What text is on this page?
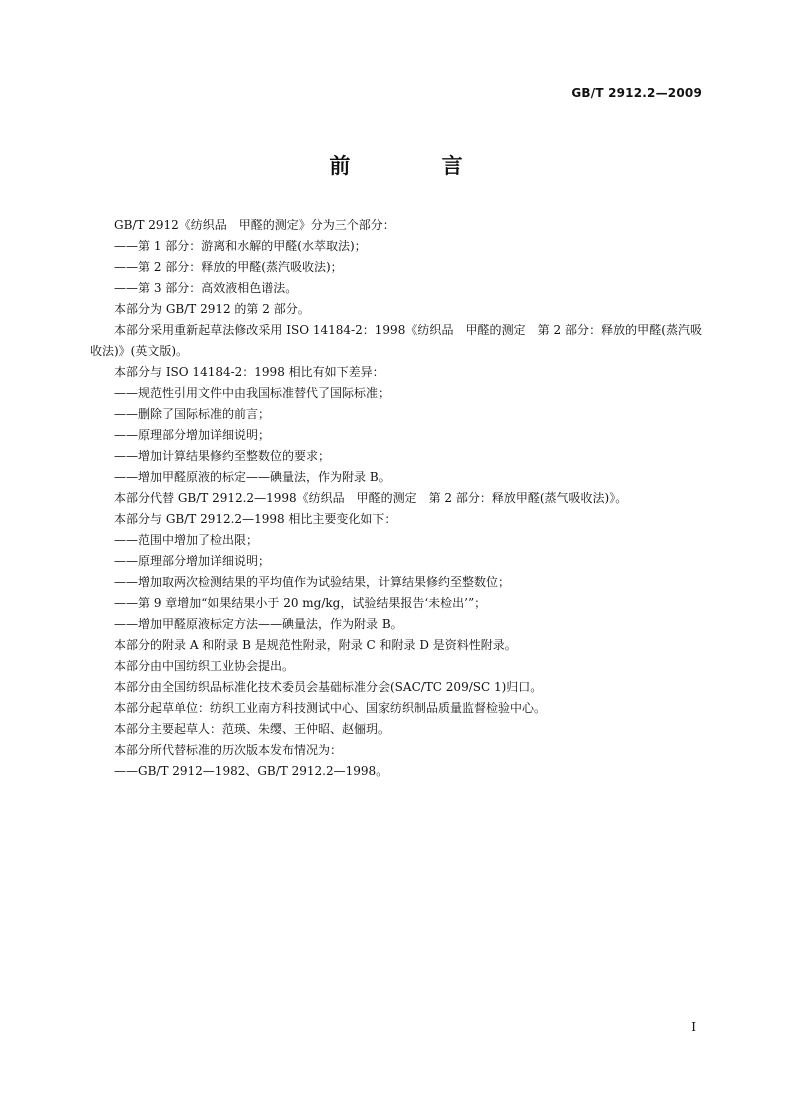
GB/T 2912.2—2009
前 言

GB/T 2912《纺织品　甲醛的测定》分为三个部分：

——第 1 部分：游离和水解的甲醛(水萃取法)；

——第 2 部分：释放的甲醛(蒸汽吸收法)；

——第 3 部分：高效液相色谱法。

本部分为 GB/T 2912 的第 2 部分。

本部分采用重新起草法修改采用 ISO 14184-2：1998《纺织品　甲醛的测定　第 2 部分：释放的甲醛(蒸汽吸收法)》(英文版)。

本部分与 ISO 14184-2：1998 相比有如下差异：

——规范性引用文件中由我国标准替代了国际标准；

——删除了国际标准的前言；

——原理部分增加详细说明；

——增加计算结果修约至整数位的要求；

——增加甲醛原液的标定——碘量法，作为附录 B。

本部分代替 GB/T 2912.2—1998《纺织品　甲醛的测定　第 2 部分：释放甲醛(蒸气吸收法)》。

本部分与 GB/T 2912.2—1998 相比主要变化如下：

——范围中增加了检出限；

——原理部分增加详细说明；

——增加取两次检测结果的平均值作为试验结果，计算结果修约至整数位；

——第 9 章增加“如果结果小于 20 mg/kg，试验结果报告‘未检出’”；

——增加甲醛原液标定方法——碘量法，作为附录 B。

本部分的附录 A 和附录 B 是规范性附录，附录 C 和附录 D 是资料性附录。

本部分由中国纺织工业协会提出。

本部分由全国纺织品标准化技术委员会基础标准分会(SAC/TC 209/SC 1)归口。

本部分起草单位：纺织工业南方科技测试中心、国家纺织制品质量监督检验中心。

本部分主要起草人：范瑛、朱缨、王仲昭、赵俪玥。

本部分所代替标准的历次版本发布情况为：

——GB/T 2912—1982、GB/T 2912.2—1998。

I
